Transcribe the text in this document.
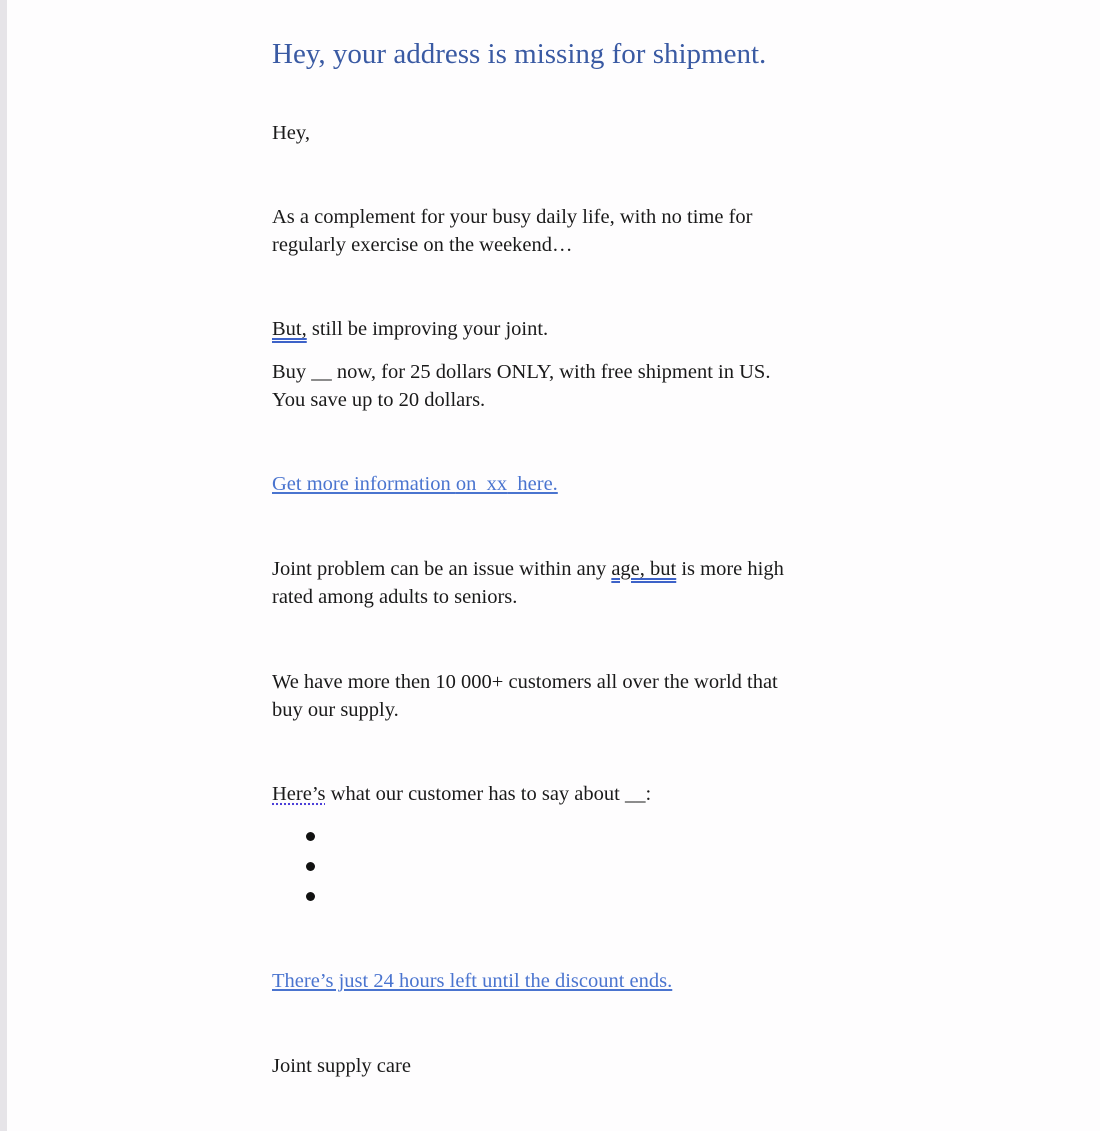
Hey, your address is missing for shipment.
Hey,
As a complement for your busy daily life, with no time for
regularly exercise on the weekend…
But, still be improving your joint.
Buy __ now, for 25 dollars ONLY, with free shipment in US.
You save up to 20 dollars.
Get more information on  xx  here.
Joint problem can be an issue within any age, but is more high
rated among adults to seniors.
We have more then 10 000+ customers all over the world that
buy our supply.
Here’s what our customer has to say about __:
There’s just 24 hours left until the discount ends.
Joint supply care
